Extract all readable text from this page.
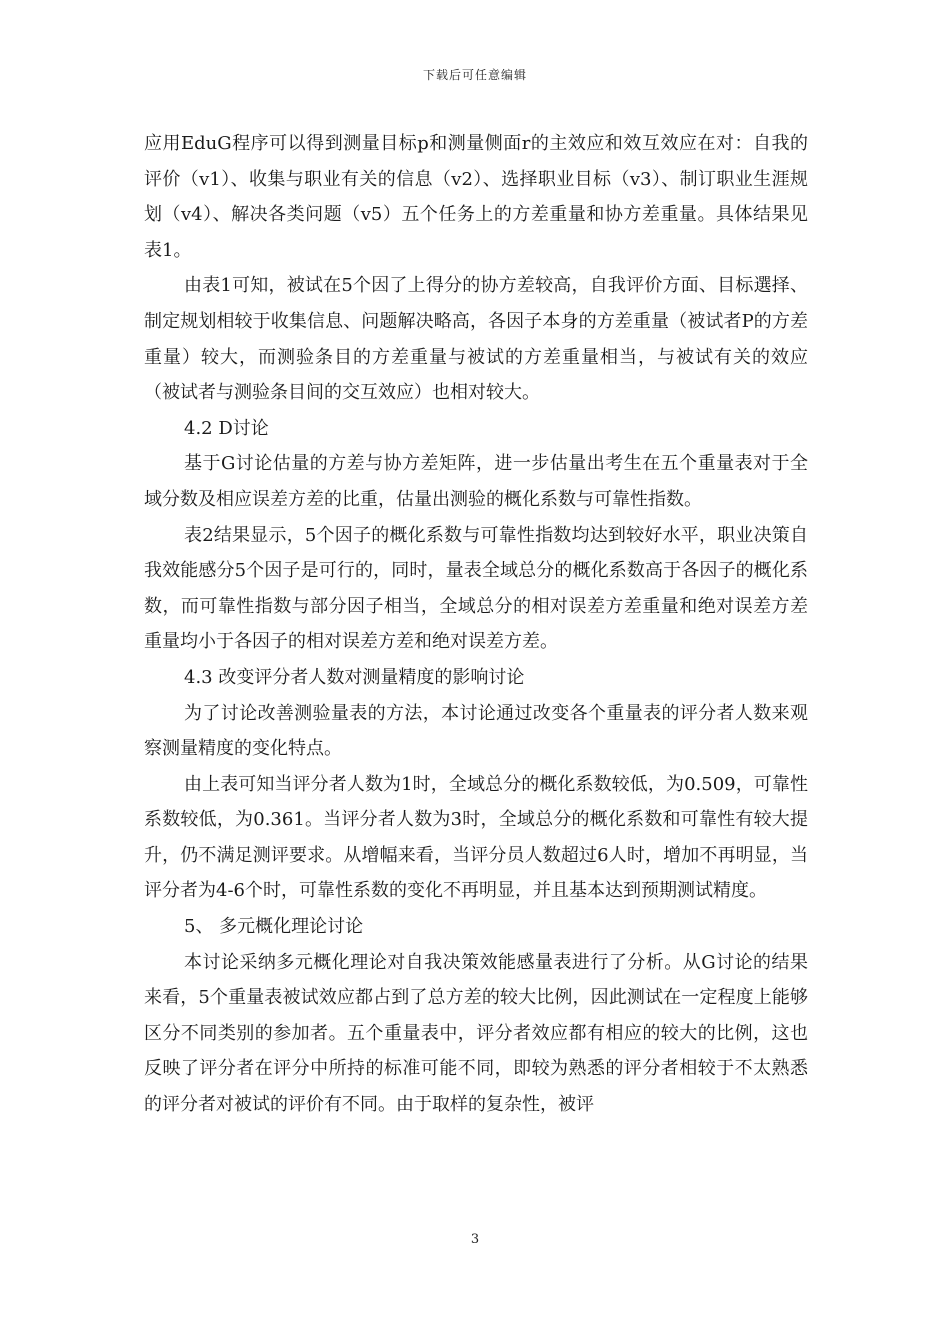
下载后可任意编辑

应用EduG程序可以得到测量目标p和测量侧面r的主效应和效互效应在对：自我的评价（v1）、收集与职业有关的信息（v2）、选择职业目标（v3）、制订职业生涯规划（v4）、解决各类问题（v5）五个任务上的方差重量和协方差重量。具体结果见表1。

由表1可知，被试在5个因了上得分的协方差较高，自我评价方面、目标選择、制定规划相较于收集信息、问题解决略高，各因子本身的方差重量（被试者P的方差重量）较大，而测验条目的方差重量与被试的方差重量相当，与被试有关的效应（被试者与测验条目间的交互效应）也相对较大。

4.2 D讨论

基于G讨论估量的方差与协方差矩阵，进一步估量出考生在五个重量表对于全域分数及相应误差方差的比重，估量出测验的概化系数与可靠性指数。

表2结果显示，5个因子的概化系数与可靠性指数均达到较好水平，职业决策自我效能感分5个因子是可行的，同时，量表全域总分的概化系数高于各因子的概化系数，而可靠性指数与部分因子相当，全域总分的相对误差方差重量和绝对误差方差重量均小于各因子的相对误差方差和绝对误差方差。

4.3 改变评分者人数对测量精度的影响讨论

为了讨论改善测验量表的方法，本讨论通过改变各个重量表的评分者人数来观察测量精度的变化特点。

由上表可知当评分者人数为1时，全域总分的概化系数较低，为0.509，可靠性系数较低，为0.361。当评分者人数为3时，全域总分的概化系数和可靠性有较大提升，仍不满足测评要求。从增幅来看，当评分员人数超过6人时，增加不再明显，当评分者为4-6个时，可靠性系数的变化不再明显，并且基本达到预期测试精度。

5、 多元概化理论讨论

本讨论采纳多元概化理论对自我决策效能感量表进行了分析。从G讨论的结果来看，5个重量表被试效应都占到了总方差的较大比例，因此测试在一定程度上能够区分不同类别的参加者。五个重量表中，评分者效应都有相应的较大的比例，这也反映了评分者在评分中所持的标准可能不同，即较为熟悉的评分者相较于不太熟悉的评分者对被试的评价有不同。由于取样的复杂性，被评

3
